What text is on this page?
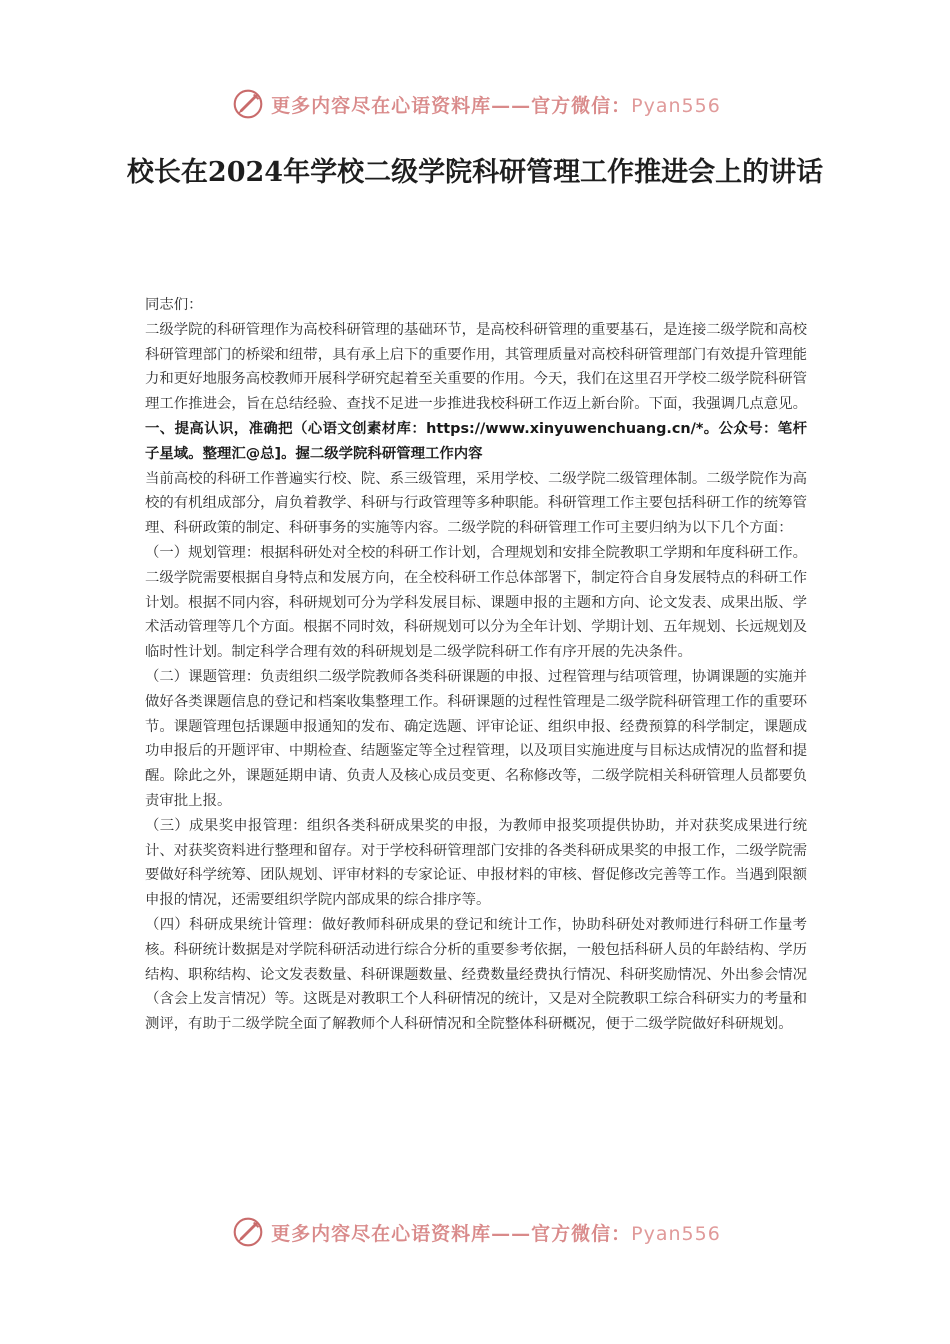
更多内容尽在心语资料库——官方微信：Pyan556
校长在2024年学校二级学院科研管理工作推进会上的讲话

同志们：

二级学院的科研管理作为高校科研管理的基础环节，是高校科研管理的重要基石，是连接二级学院和高校科研管理部门的桥梁和纽带，具有承上启下的重要作用，其管理质量对高校科研管理部门有效提升管理能力和更好地服务高校教师开展科学研究起着至关重要的作用。今天，我们在这里召开学校二级学院科研管理工作推进会，旨在总结经验、查找不足进一步推进我校科研工作迈上新台阶。下面，我强调几点意见。

一、提高认识，准确把（心语文创素材库：https://www.xinyuwenchuang.cn/*。公众号：笔杆子星域。整理汇@总]。握二级学院科研管理工作内容

当前高校的科研工作普遍实行校、院、系三级管理，采用学校、二级学院二级管理体制。二级学院作为高校的有机组成部分，肩负着教学、科研与行政管理等多种职能。科研管理工作主要包括科研工作的统筹管理、科研政策的制定、科研事务的实施等内容。二级学院的科研管理工作可主要归纳为以下几个方面：

（一）规划管理：根据科研处对全校的科研工作计划，合理规划和安排全院教职工学期和年度科研工作。二级学院需要根据自身特点和发展方向，在全校科研工作总体部署下，制定符合自身发展特点的科研工作计划。根据不同内容，科研规划可分为学科发展目标、课题申报的主题和方向、论文发表、成果出版、学术活动管理等几个方面。根据不同时效，科研规划可以分为全年计划、学期计划、五年规划、长远规划及临时性计划。制定科学合理有效的科研规划是二级学院科研工作有序开展的先决条件。

（二）课题管理：负责组织二级学院教师各类科研课题的申报、过程管理与结项管理，协调课题的实施并做好各类课题信息的登记和档案收集整理工作。科研课题的过程性管理是二级学院科研管理工作的重要环节。课题管理包括课题申报通知的发布、确定选题、评审论证、组织申报、经费预算的科学制定，课题成功申报后的开题评审、中期检查、结题鉴定等全过程管理，以及项目实施进度与目标达成情况的监督和提醒。除此之外，课题延期申请、负责人及核心成员变更、名称修改等，二级学院相关科研管理人员都要负责审批上报。

（三）成果奖申报管理：组织各类科研成果奖的申报，为教师申报奖项提供协助，并对获奖成果进行统计、对获奖资料进行整理和留存。对于学校科研管理部门安排的各类科研成果奖的申报工作，二级学院需要做好科学统筹、团队规划、评审材料的专家论证、申报材料的审核、督促修改完善等工作。当遇到限额申报的情况，还需要组织学院内部成果的综合排序等。

（四）科研成果统计管理：做好教师科研成果的登记和统计工作，协助科研处对教师进行科研工作量考核。科研统计数据是对学院科研活动进行综合分析的重要参考依据，一般包括科研人员的年龄结构、学历结构、职称结构、论文发表数量、科研课题数量、经费数量经费执行情况、科研奖励情况、外出参会情况（含会上发言情况）等。这既是对教职工个人科研情况的统计，又是对全院教职工综合科研实力的考量和测评，有助于二级学院全面了解教师个人科研情况和全院整体科研概况，便于二级学院做好科研规划。

更多内容尽在心语资料库——官方微信：Pyan556
